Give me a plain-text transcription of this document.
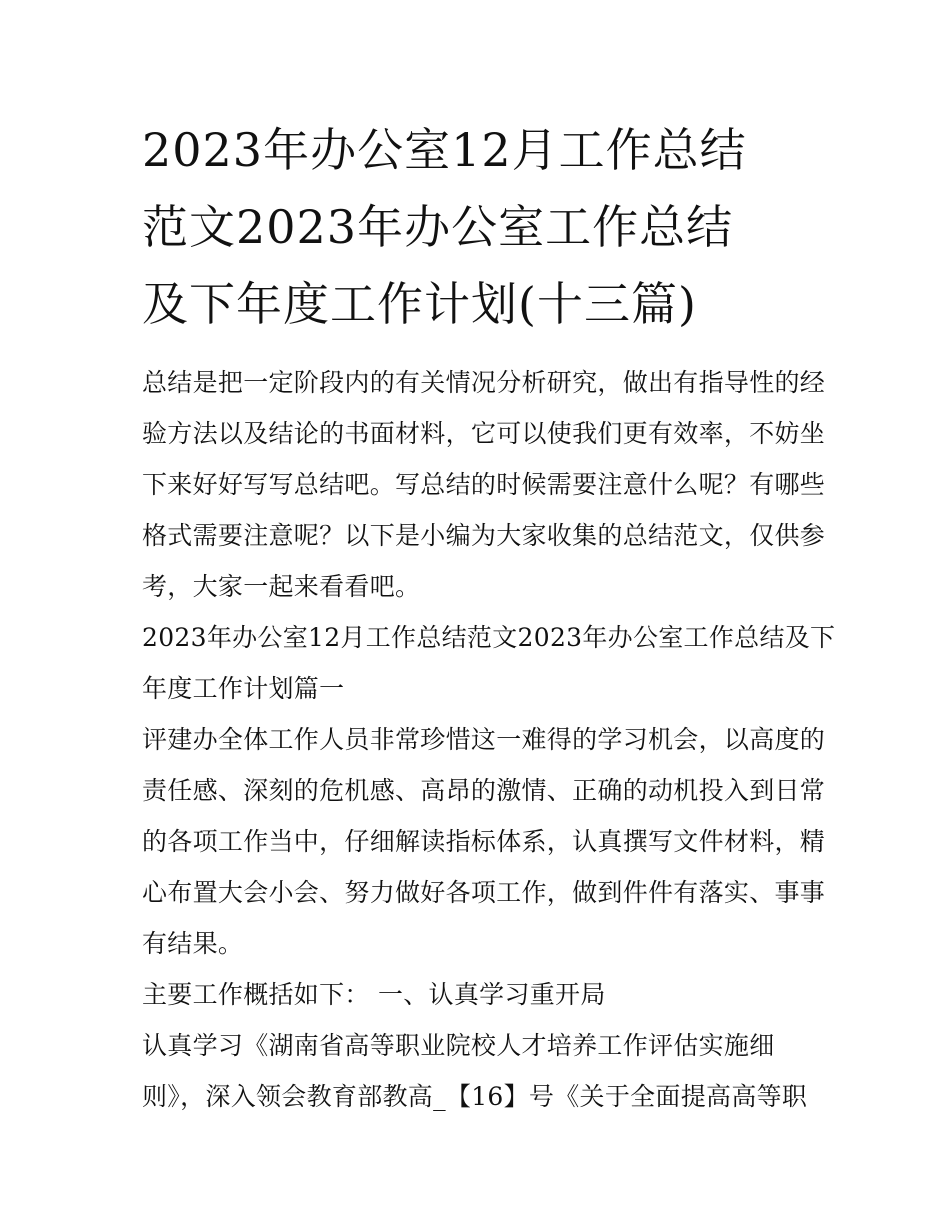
2023年办公室12月工作总结
范文2023年办公室工作总结
及下年度工作计划(十三篇)
总结是把一定阶段内的有关情况分析研究，做出有指导性的经
验方法以及结论的书面材料，它可以使我们更有效率，不妨坐
下来好好写写总结吧。写总结的时候需要注意什么呢？有哪些
格式需要注意呢？以下是小编为大家收集的总结范文，仅供参
考，大家一起来看看吧。
2023年办公室12月工作总结范文2023年办公室工作总结及下
年度工作计划篇一
评建办全体工作人员非常珍惜这一难得的学习机会，以高度的
责任感、深刻的危机感、高昂的激情、正确的动机投入到日常
的各项工作当中，仔细解读指标体系，认真撰写文件材料，精
心布置大会小会、努力做好各项工作，做到件件有落实、事事
有结果。
主要工作概括如下： 一、认真学习重开局
认真学习《湖南省高等职业院校人才培养工作评估实施细
则》，深入领会教育部教高_【16】号《关于全面提高高等职
